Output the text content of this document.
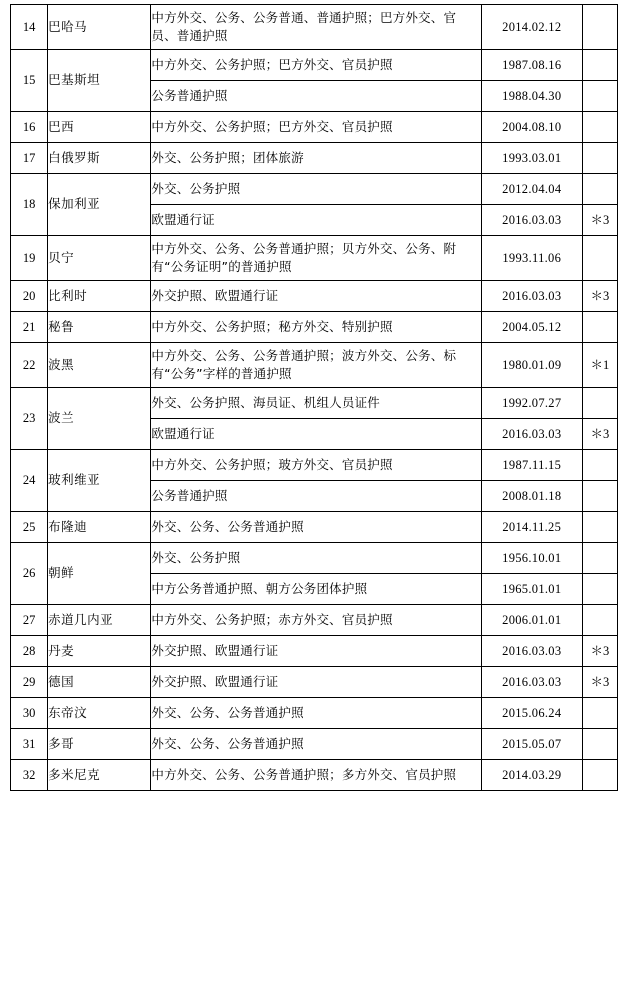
14	巴哈马	中方外交、公务、公务普通、普通护照；巴方外交、官员、普通护照	2014.02.12	
15	巴基斯坦	中方外交、公务护照；巴方外交、官员护照	1987.08.16	
		公务普通护照	1988.04.30	
16	巴西	中方外交、公务护照；巴方外交、官员护照	2004.08.10	
17	白俄罗斯	外交、公务护照；团体旅游	1993.03.01	
18	保加利亚	外交、公务护照	2012.04.04	
		欧盟通行证	2016.03.03	＊3
19	贝宁	中方外交、公务、公务普通护照；贝方外交、公务、附有“公务证明”的普通护照	1993.11.06	
20	比利时	外交护照、欧盟通行证	2016.03.03	＊3
21	秘鲁	中方外交、公务护照；秘方外交、特别护照	2004.05.12	
22	波黑	中方外交、公务、公务普通护照；波方外交、公务、标有“公务”字样的普通护照	1980.01.09	＊1
23	波兰	外交、公务护照、海员证、机组人员证件	1992.07.27	
		欧盟通行证	2016.03.03	＊3
24	玻利维亚	中方外交、公务护照；玻方外交、官员护照	1987.11.15	
		公务普通护照	2008.01.18	
25	布隆迪	外交、公务、公务普通护照	2014.11.25	
26	朝鲜	外交、公务护照	1956.10.01	
		中方公务普通护照、朝方公务团体护照	1965.01.01	
27	赤道几内亚	中方外交、公务护照；赤方外交、官员护照	2006.01.01	
28	丹麦	外交护照、欧盟通行证	2016.03.03	＊3
29	德国	外交护照、欧盟通行证	2016.03.03	＊3
30	东帝汶	外交、公务、公务普通护照	2015.06.24	
31	多哥	外交、公务、公务普通护照	2015.05.07	
32	多米尼克	中方外交、公务、公务普通护照；多方外交、官员护照	2014.03.29	
